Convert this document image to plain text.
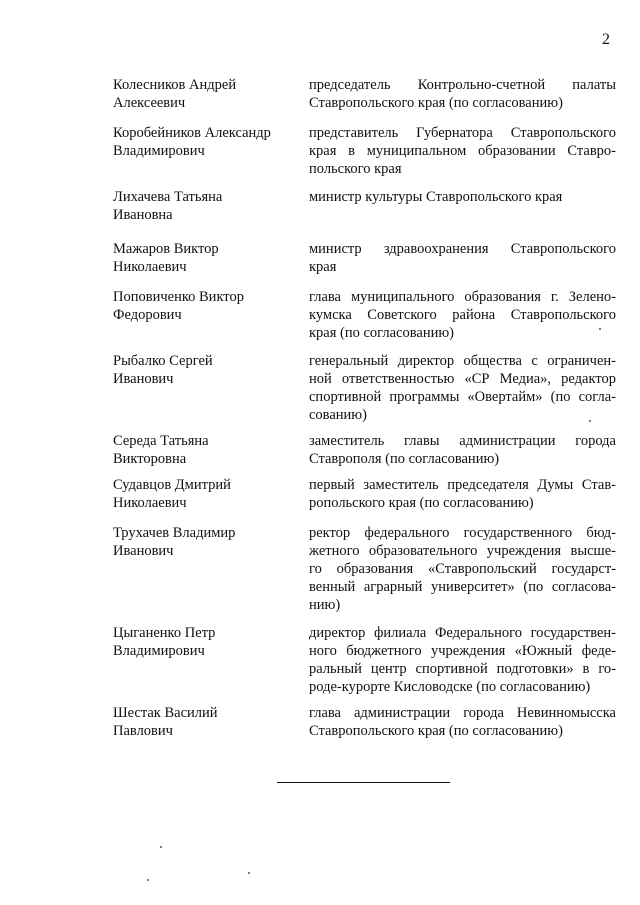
2
Колесников Андрей
Алексеевич
председатель Контрольно-счетной палаты
Ставропольского края (по согласованию)
Коробейников Александр
Владимирович
представитель Губернатора Ставропольского
края в муниципальном образовании Ставро-
польского края
Лихачева Татьяна
Ивановна
министр культуры Ставропольского края
Мажаров Виктор
Николаевич
министр здравоохранения Ставропольского
края
Поповиченко Виктор
Федорович
глава муниципального образования г. Зелено-
кумска Советского района Ставропольского
края (по согласованию)
Рыбалко Сергей
Иванович
генеральный директор общества с ограничен-
ной ответственностью «СР Медиа», редактор
спортивной программы «Овертайм» (по согла-
сованию)
Середа Татьяна
Викторовна
заместитель главы администрации города
Ставрополя (по согласованию)
Судавцов Дмитрий
Николаевич
первый заместитель председателя Думы Став-
ропольского края (по согласованию)
Трухачев Владимир
Иванович
ректор федерального государственного бюд-
жетного образовательного учреждения высше-
го образования «Ставропольский государст-
венный аграрный университет» (по согласова-
нию)
Цыганенко Петр
Владимирович
директор филиала Федерального государствен-
ного бюджетного учреждения «Южный феде-
ральный центр спортивной подготовки» в го-
роде-курорте Кисловодске (по согласованию)
Шестак Василий
Павлович
глава администрации города Невинномысска
Ставропольского края (по согласованию)
